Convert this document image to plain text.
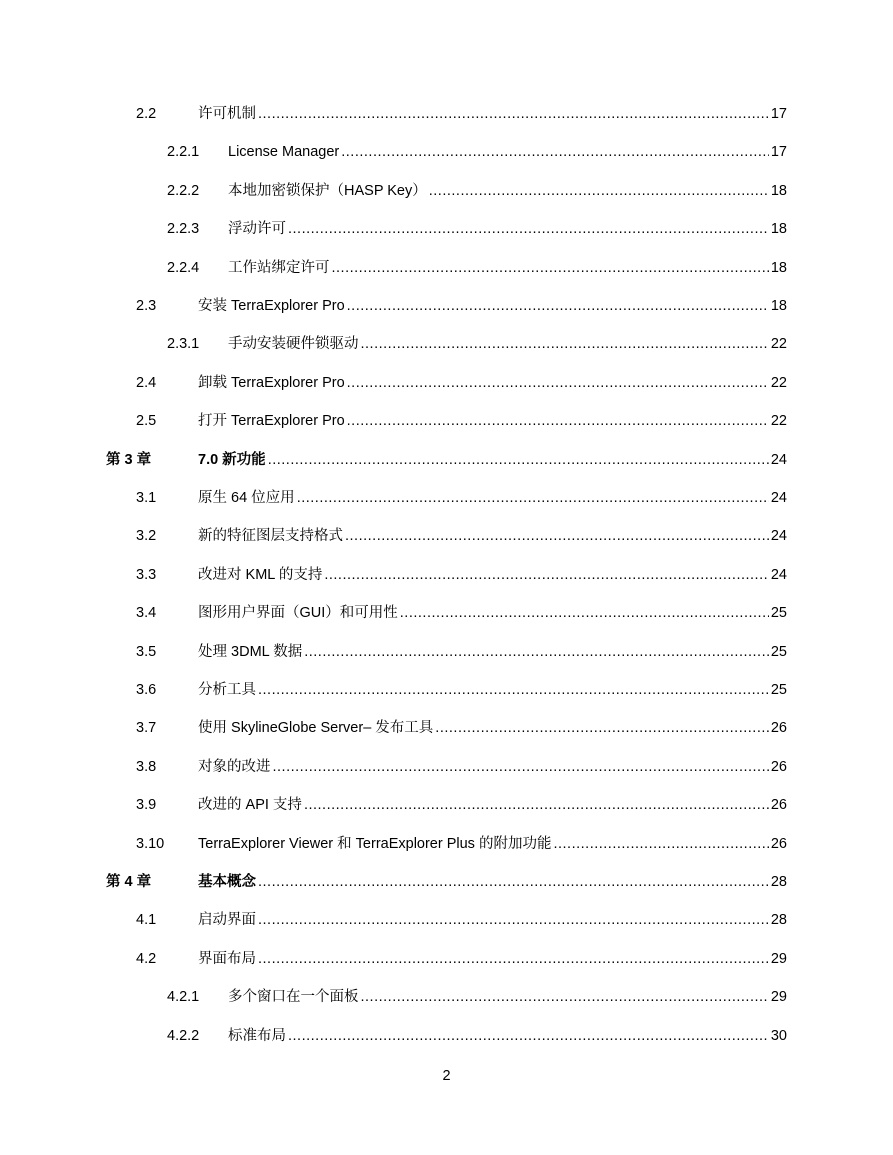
2.2	许可机制 .....	17
2.2.1	License Manager .....	17
2.2.2	本地加密锁保护（HASP Key） .....	18
2.2.3	浮动许可 .....	18
2.2.4	工作站绑定许可 .....	18
2.3	安装 TerraExplorer Pro .....	18
2.3.1	手动安装硬件锁驱动 .....	22
2.4	卸载 TerraExplorer Pro .....	22
2.5	打开 TerraExplorer Pro .....	22
第 3 章	7.0 新功能 .....	24
3.1	原生 64 位应用 .....	24
3.2	新的特征图层支持格式 .....	24
3.3	改进对 KML 的支持 .....	24
3.4	图形用户界面（GUI）和可用性 .....	25
3.5	处理 3DML 数据 .....	25
3.6	分析工具 .....	25
3.7	使用 SkylineGlobe Server– 发布工具 .....	26
3.8	对象的改进 .....	26
3.9	改进的 API 支持 .....	26
3.10	TerraExplorer Viewer 和 TerraExplorer Plus 的附加功能 .....	26
第 4 章	基本概念 .....	28
4.1	启动界面 .....	28
4.2	界面布局 .....	29
4.2.1	多个窗口在一个面板 .....	29
4.2.2	标准布局 .....	30
2
